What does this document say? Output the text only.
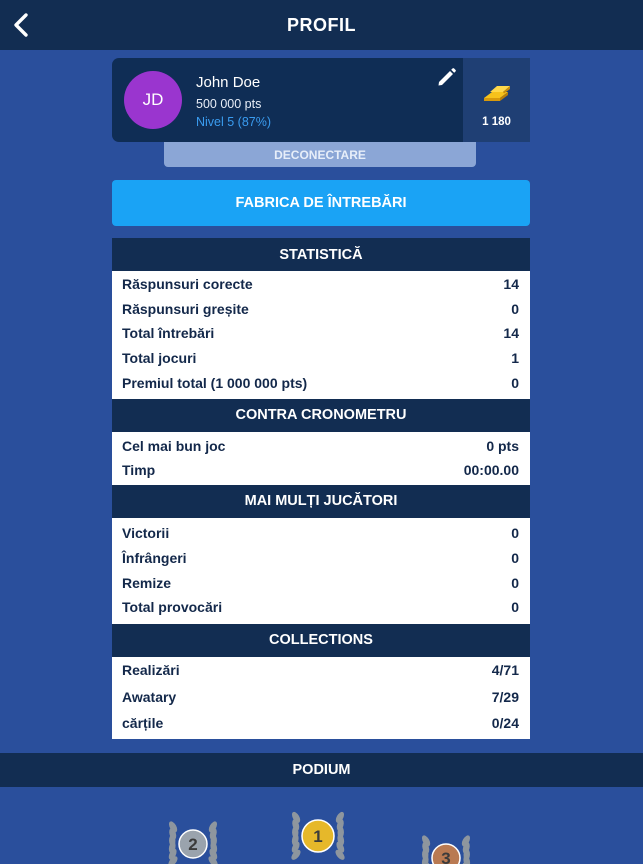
PROFIL
JD
John Doe
500 000 pts
Nivel 5 (87%)	1 180
DECONECTARE
FABRICA DE ÎNTREBĂRI
STATISTICĂ
Răspunsuri corecte	14
Răspunsuri greșite	0
Total întrebări	14
Total jocuri	1
Premiul total (1 000 000 pts)	0
CONTRA CRONOMETRU
Cel mai bun joc	0 pts
Timp	00:00.00
MAI MULȚI JUCĂTORI
Victorii	0
Înfrângeri	0
Remize	0
Total provocări	0
COLLECTIONS
Realizări	4/71
Awatary	7/29
cărțile	0/24
PODIUM
2	1
3
